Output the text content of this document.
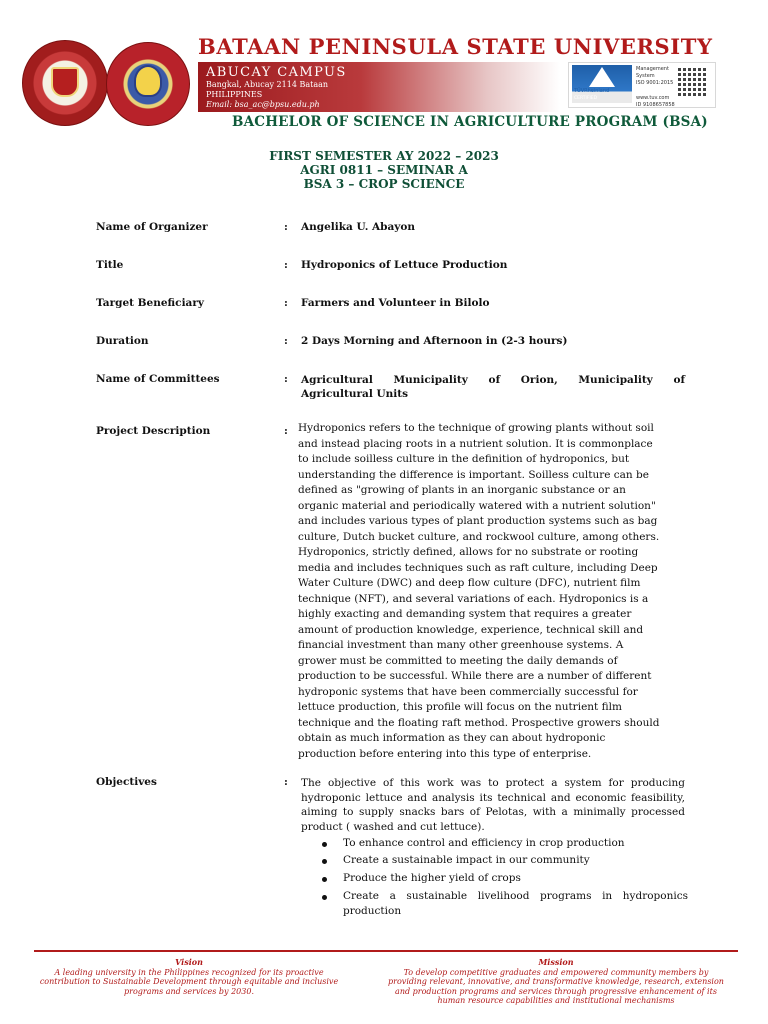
BATAAN PENINSULA STATE UNIVERSITY
ABUCAY CAMPUS
Bangkal, Abucay 2114 Bataan
PHILIPPINES
Email: bsa_ac@bpsu.edu.ph
CERTIFIED
TÜVRheinland
Management
System
ISO 9001:2015
www.tuv.com
ID 9108657858
BACHELOR OF SCIENCE IN AGRICULTURE PROGRAM (BSA)
FIRST SEMESTER AY 2022 – 2023
AGRI 0811 – SEMINAR A
BSA 3 – CROP SCIENCE
Name of Organizer	: Angelika U. Abayon
Title	: Hydroponics of Lettuce Production
Target Beneficiary	: Farmers and Volunteer in Bilolo
Duration	: 2 Days Morning and Afternoon in (2-3 hours)
Name of Committees	: Agricultural Municipality of Orion, Municipality of
Agricultural Units
Project Description	: Hydroponics refers to the technique of growing plants without soil
and instead placing roots in a nutrient solution. It is commonplace
to include soilless culture in the definition of hydroponics, but
understanding the difference is important. Soilless culture can be
defined as "growing of plants in an inorganic substance or an
organic material and periodically watered with a nutrient solution"
and includes various types of plant production systems such as bag
culture, Dutch bucket culture, and rockwool culture, among others.
Hydroponics, strictly defined, allows for no substrate or rooting
media and includes techniques such as raft culture, including Deep
Water Culture (DWC) and deep flow culture (DFC), nutrient film
technique (NFT), and several variations of each. Hydroponics is a
highly exacting and demanding system that requires a greater
amount of production knowledge, experience, technical skill and
financial investment than many other greenhouse systems. A
grower must be committed to meeting the daily demands of
production to be successful. While there are a number of different
hydroponic systems that have been commercially successful for
lettuce production, this profile will focus on the nutrient film
technique and the floating raft method. Prospective growers should
obtain as much information as they can about hydroponic
production before entering into this type of enterprise.
Objectives	: The objective of this work was to protect a system for producing hydroponic lettuce and analysis its technical and economic feasibility, aiming to supply snacks bars of Pelotas, with a minimally processed product ( washed and cut lettuce).
To enhance control and efficiency in crop production
Create a sustainable impact in our community
Produce the higher yield of crops
Create a sustainable livelihood programs in hydroponics production
Vision
A leading university in the Philippines recognized for its proactive contribution to Sustainable Development through equitable and inclusive programs and services by 2030.
Mission
To develop competitive graduates and empowered community members by providing relevant, innovative, and transformative knowledge, research, extension and production programs and services through progressive enhancement of its human resource capabilities and institutional mechanisms
